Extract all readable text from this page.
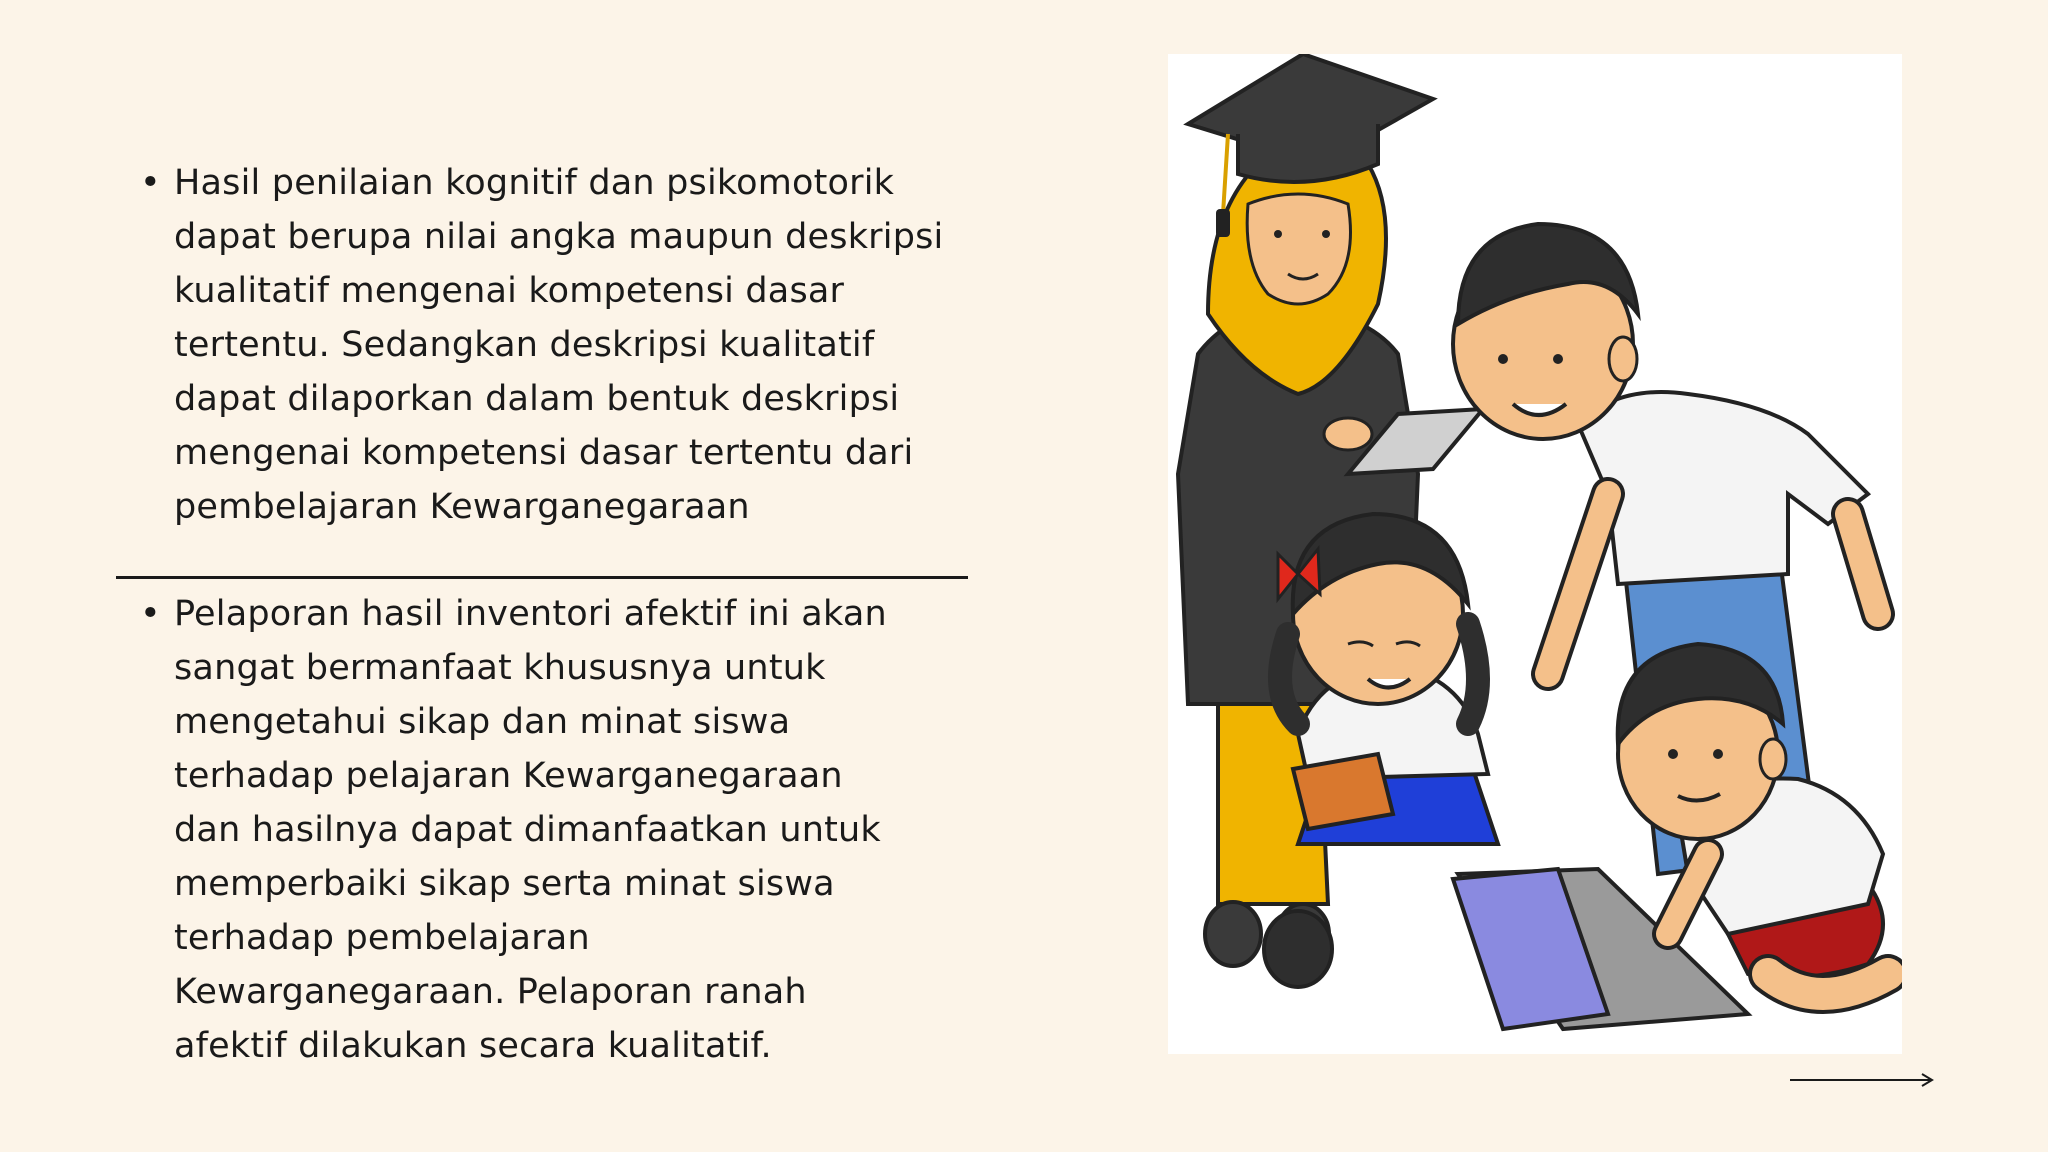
• Hasil penilaian kognitif dan psikomotorik
dapat berupa nilai angka maupun deskripsi
kualitatif mengenai kompetensi dasar
tertentu. Sedangkan deskripsi kualitatif
dapat dilaporkan dalam bentuk deskripsi
mengenai kompetensi dasar tertentu dari
pembelajaran Kewarganegaraan
• Pelaporan hasil inventori afektif ini akan
sangat bermanfaat khususnya untuk
mengetahui sikap dan minat siswa
terhadap pelajaran Kewarganegaraan
dan hasilnya dapat dimanfaatkan untuk
memperbaiki sikap serta minat siswa
terhadap pembelajaran
Kewarganegaraan. Pelaporan ranah
afektif dilakukan secara kualitatif.
